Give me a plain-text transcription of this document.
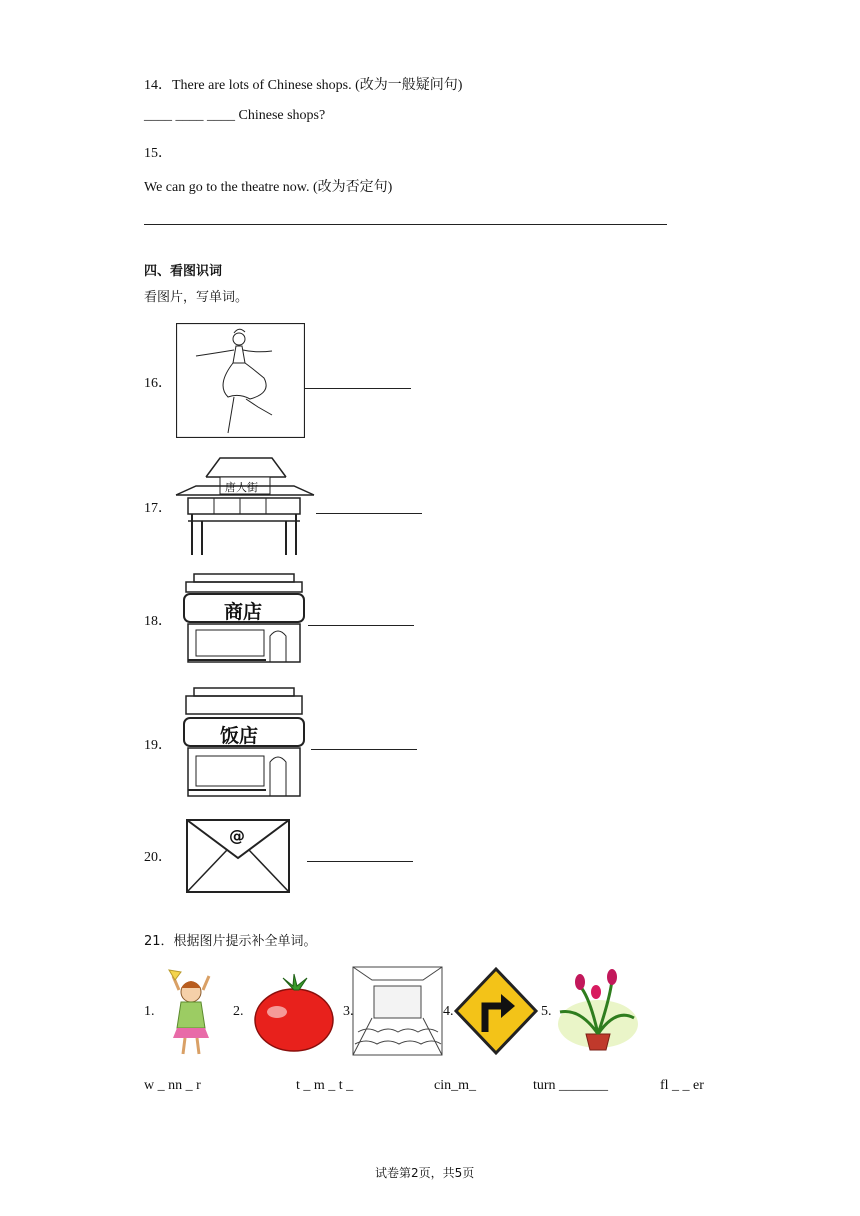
14．There are lots of Chinese shops. (改为一般疑问句)
____ ____ ____ Chinese shops?
15．
We can go to the theatre now. (改为否定句)
四、看图识词
看图片，写单词。
16．
17．
唐人街
18．	商店
19．	饭店
20．
@
21．根据图片提示补全单词。
1.	2.	3.	4.	5.
w _ nn _ r	t _ m _ t _	cin_m_	turn _______	fl _ _ er
试卷第2页，共5页
